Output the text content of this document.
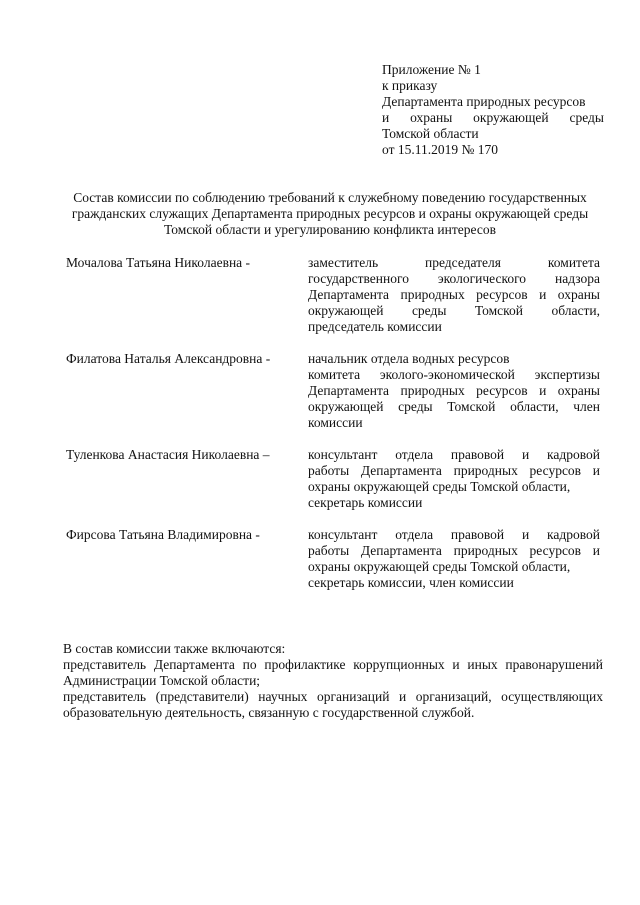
Приложение № 1
к приказу
Департамента природных ресурсов
и охраны окружающей среды
Томской области
от 15.11.2019 № 170
Состав комиссии по соблюдению требований к служебному поведению государственных гражданских служащих Департамента природных ресурсов и охраны окружающей среды Томской области и урегулированию конфликта интересов
Мочалова Татьяна Николаевна -	заместитель председателя комитета
государственного экологического надзора
Департамента природных ресурсов и охраны
окружающей среды Томской области,
председатель комиссии
Филатова Наталья Александровна -	начальник отдела водных ресурсов
комитета эколого-экономической экспертизы
Департамента природных ресурсов и охраны
окружающей среды Томской области, член
комиссии
Туленкова Анастасия Николаевна –	консультант отдела правовой и кадровой
работы Департамента природных ресурсов и
охраны окружающей среды Томской области,
секретарь комиссии
Фирсова Татьяна Владимировна -	консультант отдела правовой и кадровой
работы Департамента природных ресурсов и
охраны окружающей среды Томской области,
секретарь комиссии, член комиссии
В состав комиссии также включаются:
представитель Департамента по профилактике коррупционных и иных правонарушений Администрации Томской области;
представитель (представители) научных организаций и организаций, осуществляющих образовательную деятельность, связанную с государственной службой.
